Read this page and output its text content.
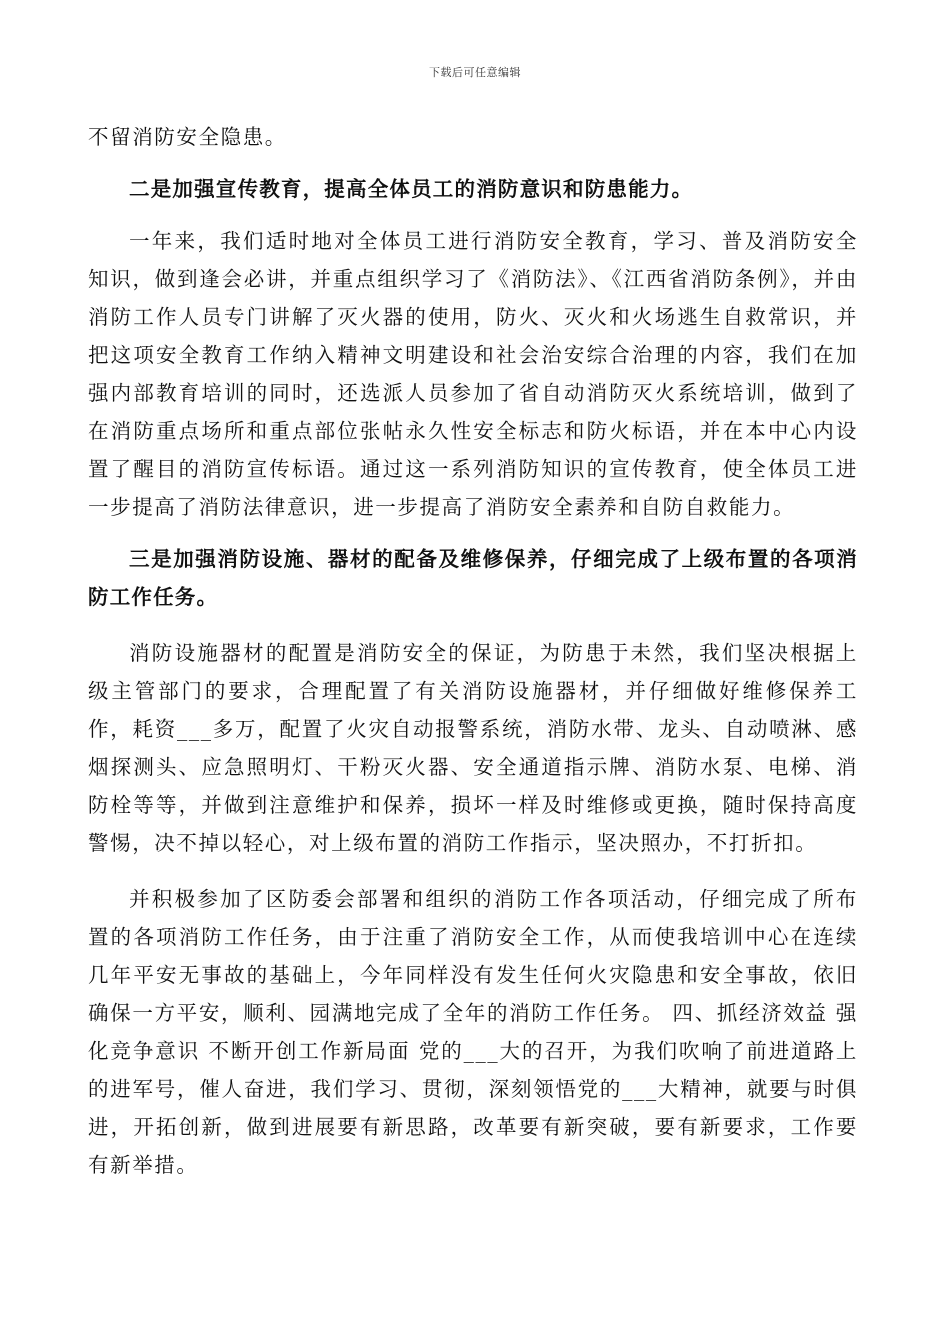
下载后可任意编辑

不留消防安全隐患。

二是加强宣传教育，提高全体员工的消防意识和防患能力。

一年来，我们适时地对全体员工进行消防安全教育，学习、普及消防安全知识，做到逢会必讲，并重点组织学习了《消防法》、《江西省消防条例》，并由消防工作人员专门讲解了灭火器的使用，防火、灭火和火场逃生自救常识，并把这项安全教育工作纳入精神文明建设和社会治安综合治理的内容，我们在加强内部教育培训的同时，还选派人员参加了省自动消防灭火系统培训，做到了在消防重点场所和重点部位张帖永久性安全标志和防火标语，并在本中心内设置了醒目的消防宣传标语。通过这一系列消防知识的宣传教育，使全体员工进一步提高了消防法律意识，进一步提高了消防安全素养和自防自救能力。

三是加强消防设施、器材的配备及维修保养，仔细完成了上级布置的各项消防工作任务。

消防设施器材的配置是消防安全的保证，为防患于未然，我们坚决根据上级主管部门的要求，合理配置了有关消防设施器材，并仔细做好维修保养工作，耗资___多万，配置了火灾自动报警系统，消防水带、龙头、自动喷淋、感烟探测头、应急照明灯、干粉灭火器、安全通道指示牌、消防水泵、电梯、消防栓等等，并做到注意维护和保养，损坏一样及时维修或更换，随时保持高度警惕，决不掉以轻心，对上级布置的消防工作指示，坚决照办，不打折扣。

并积极参加了区防委会部署和组织的消防工作各项活动，仔细完成了所布置的各项消防工作任务，由于注重了消防安全工作，从而使我培训中心在连续几年平安无事故的基础上，今年同样没有发生任何火灾隐患和安全事故，依旧确保一方平安，顺利、园满地完成了全年的消防工作任务。 四、抓经济效益 强化竞争意识 不断开创工作新局面 党的___大的召开，为我们吹响了前进道路上的进军号，催人奋进，我们学习、贯彻，深刻领悟党的___大精神，就要与时俱进，开拓创新，做到进展要有新思路，改革要有新突破，要有新要求，工作要有新举措。
